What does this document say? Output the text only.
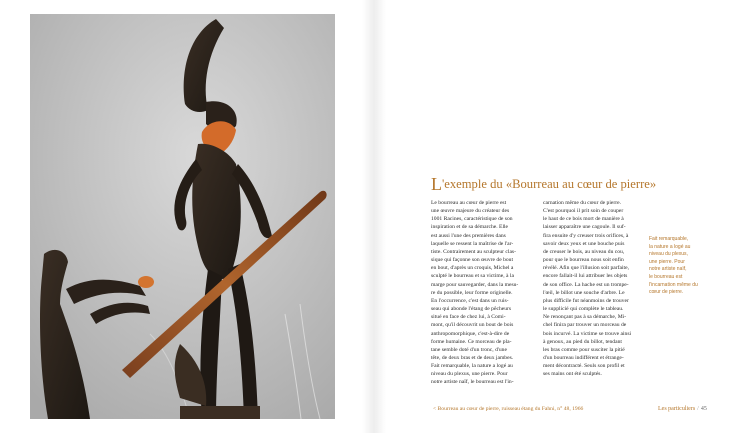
L'exemple du «Bourreau au cœur de pierre»
Le bourreau au cœur de pierre est
une œuvre majeure du créateur des
1001 Racines, caractéristique de son
inspiration et de sa démarche. Elle
est aussi l'une des premières dans
laquelle se ressent la maîtrise de l'ar-
tiste. Contrairement au sculpteur clas-
sique qui façonne son œuvre de bout
en bout, d'après un croquis, Michel a
sculpté le bourreau et sa victime, à la
marge pour sauvegarder, dans la mesu-
re du possible, leur forme originelle.
En l'occurrence, c'est dans un ruis-
seau qui abonde l'étang de pêcheurs
situé en face de chez lui, à Comi-
mont, qu'il découvrit un bout de bois
anthropomorphique, c'est-à-dire de
forme humaine. Ce morceau de pla-
tane semble doté d'un tronc, d'une
tête, de deux bras et de deux jambes.
Fait remarquable, la nature a logé au
niveau du plexus, une pierre. Pour
notre artiste naïf, le bourreau est l'in-
carnation même du cœur de pierre.
C'est pourquoi il prit soin de couper
le haut de ce bois mort de manière à
laisser apparaître une cagoule. Il suf-
fira ensuite d'y creuser trois orifices, à
savoir deux yeux et une bouche puis
de creuser le bois, au niveau du cou,
pour que le bourreau nous soit enfin
révélé. Afin que l'illusion soit parfaite,
encore fallait-il lui attribuer les objets
de son office. La hache est un trompe-
l'œil, le billot une souche d'arbre. Le
plus difficile fut néanmoins de trouver
le supplicié qui complète le tableau.
Ne renonçant pas à sa démarche, Mi-
chel finira par trouver un morceau de
bois incurvé. La victime se trouve ainsi
à genoux, au pied du billot, tendant
les bras comme pour susciter la pitié
d'un bourreau indifférent et étrange-
ment décontracté. Seuls son profil et
ses mains ont été sculptés.
Fait remarquable,
la nature a logé au
niveau du plexus,
une pierre. Pour
notre artiste naïf,
le bourreau est
l'incarnation même du
cœur de pierre.
< Bourreau au cœur de pierre, ruisseau étang du Fahni, n° 48, 1966	Les particuliers / 45
